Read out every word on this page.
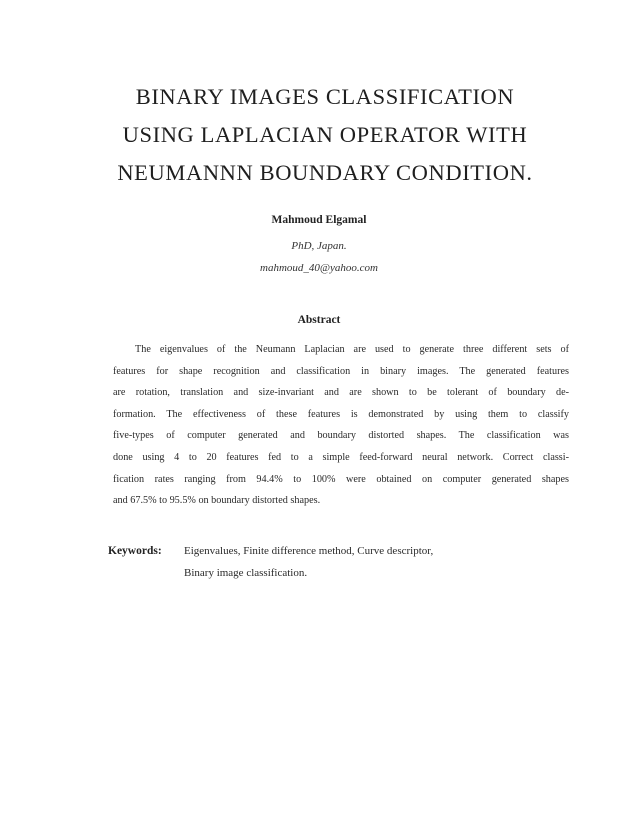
BINARY IMAGES CLASSIFICATION
USING LAPLACIAN OPERATOR WITH
NEUMANNN BOUNDARY CONDITION.
Mahmoud Elgamal
PhD, Japan.
mahmoud_40@yahoo.com
Abstract

The eigenvalues of the Neumann Laplacian are used to generate three different sets of
features for shape recognition and classification in binary images. The generated features
are rotation, translation and size-invariant and are shown to be tolerant of boundary de-
formation. The effectiveness of these features is demonstrated by using them to classify
five-types of computer generated and boundary distorted shapes. The classification was
done using 4 to 20 features fed to a simple feed-forward neural network. Correct classi-
fication rates ranging from 94.4% to 100% were obtained on computer generated shapes
and 67.5% to 95.5% on boundary distorted shapes.

Keywords: Eigenvalues, Finite difference method, Curve descriptor,
Binary image classification.
